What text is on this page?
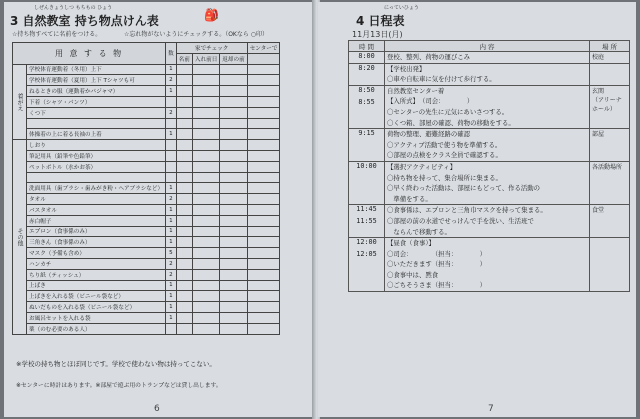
3 自然教室 持ち物点けん表
しぜんきょうしつ もちもの ひょう	🎒
☆持ち物すべてに名前をつける。	☆忘れ物がないようにチェックする。（OKなら ○印）
用 意 す る 物		数	家でチェック			センターで
			名前	入れ前日	返却の前	
着がえ	学校体育運動着（冬用）上下	1				
	学校体育運動着（夏用）上下 Tシャツも可	2				
	ねるときの服（運動着かパジャマ）	1				
	下着（シャツ・パンツ）					
	くつ下	2				

	体操着の上に着る長袖の上着	1				
その他	しおり					
	筆記用具（鉛筆や色鉛筆）					
	ペットボトル（水かお茶）					

	洗面用具（歯ブラシ・歯みがき粉・ヘアブラシなど）	1				
	タオル	2				
	バスタオル	1				
	赤白帽子	1				
	エプロン（食事係のみ）	1				
	三角きん（食事係のみ）	1				
	マスク（予備も含め）	5				
	ハンカチ	2				
	ちり紙（ティッシュ）	2				
	上ばき	1				
	上ばきを入れる袋（ビニール袋など）	1				
	ぬいだものを入れる袋（ビニール袋など）	1				
	お風呂セットを入れる袋	1				
	薬（のむ必要のある人）					
※学校の持ち物とほぼ同じです。学校で使わない物は持ってこない。
※センターに時計はあります。※部屋で遊ぶ用のトランプなどは貸し出します。
6
4 日程表
にっていひょう
11月13日(月)
時 間	内 容	場 所

8:00	登校、整列、荷物の運びこみ	校庭

8:20	【学校出発】
〇車や自転車に気を付けて歩行する。	

8:50
8:55	自然教室センター着
【入所式】　（司会：　　　　）
〇センターの先生に元気にあいさつする。
〇くつ箱、部屋の確認、荷物の移動をする。	玄関
（アリーナホール）

9:15	荷物の整理、避難経路の確認
〇アクティブ活動で使う物を準備する。
〇部屋の点検をクラス全員で確認する。	部屋

10:00	【選択アクティビティ】
〇持ち物を持って、集合場所に集まる。
〇早く終わった活動は、部屋にもどって、作る活動の
　準備をする。	各活動場所

11:45
11:55	〇食事係は、エプロンと三角巾マスクを持って集まる。
〇部屋の前の水道でせっけんで手を洗い、生活班で
　ならんで移動する。	食堂

12:00
12:05	【昼食（食事）】
〇司会：　　　　（担当：　　　　）
〇いただきます（担当：　　　　）
〇食事中は、黙食
〇ごちそうさま（担当：　　　　）	

7
